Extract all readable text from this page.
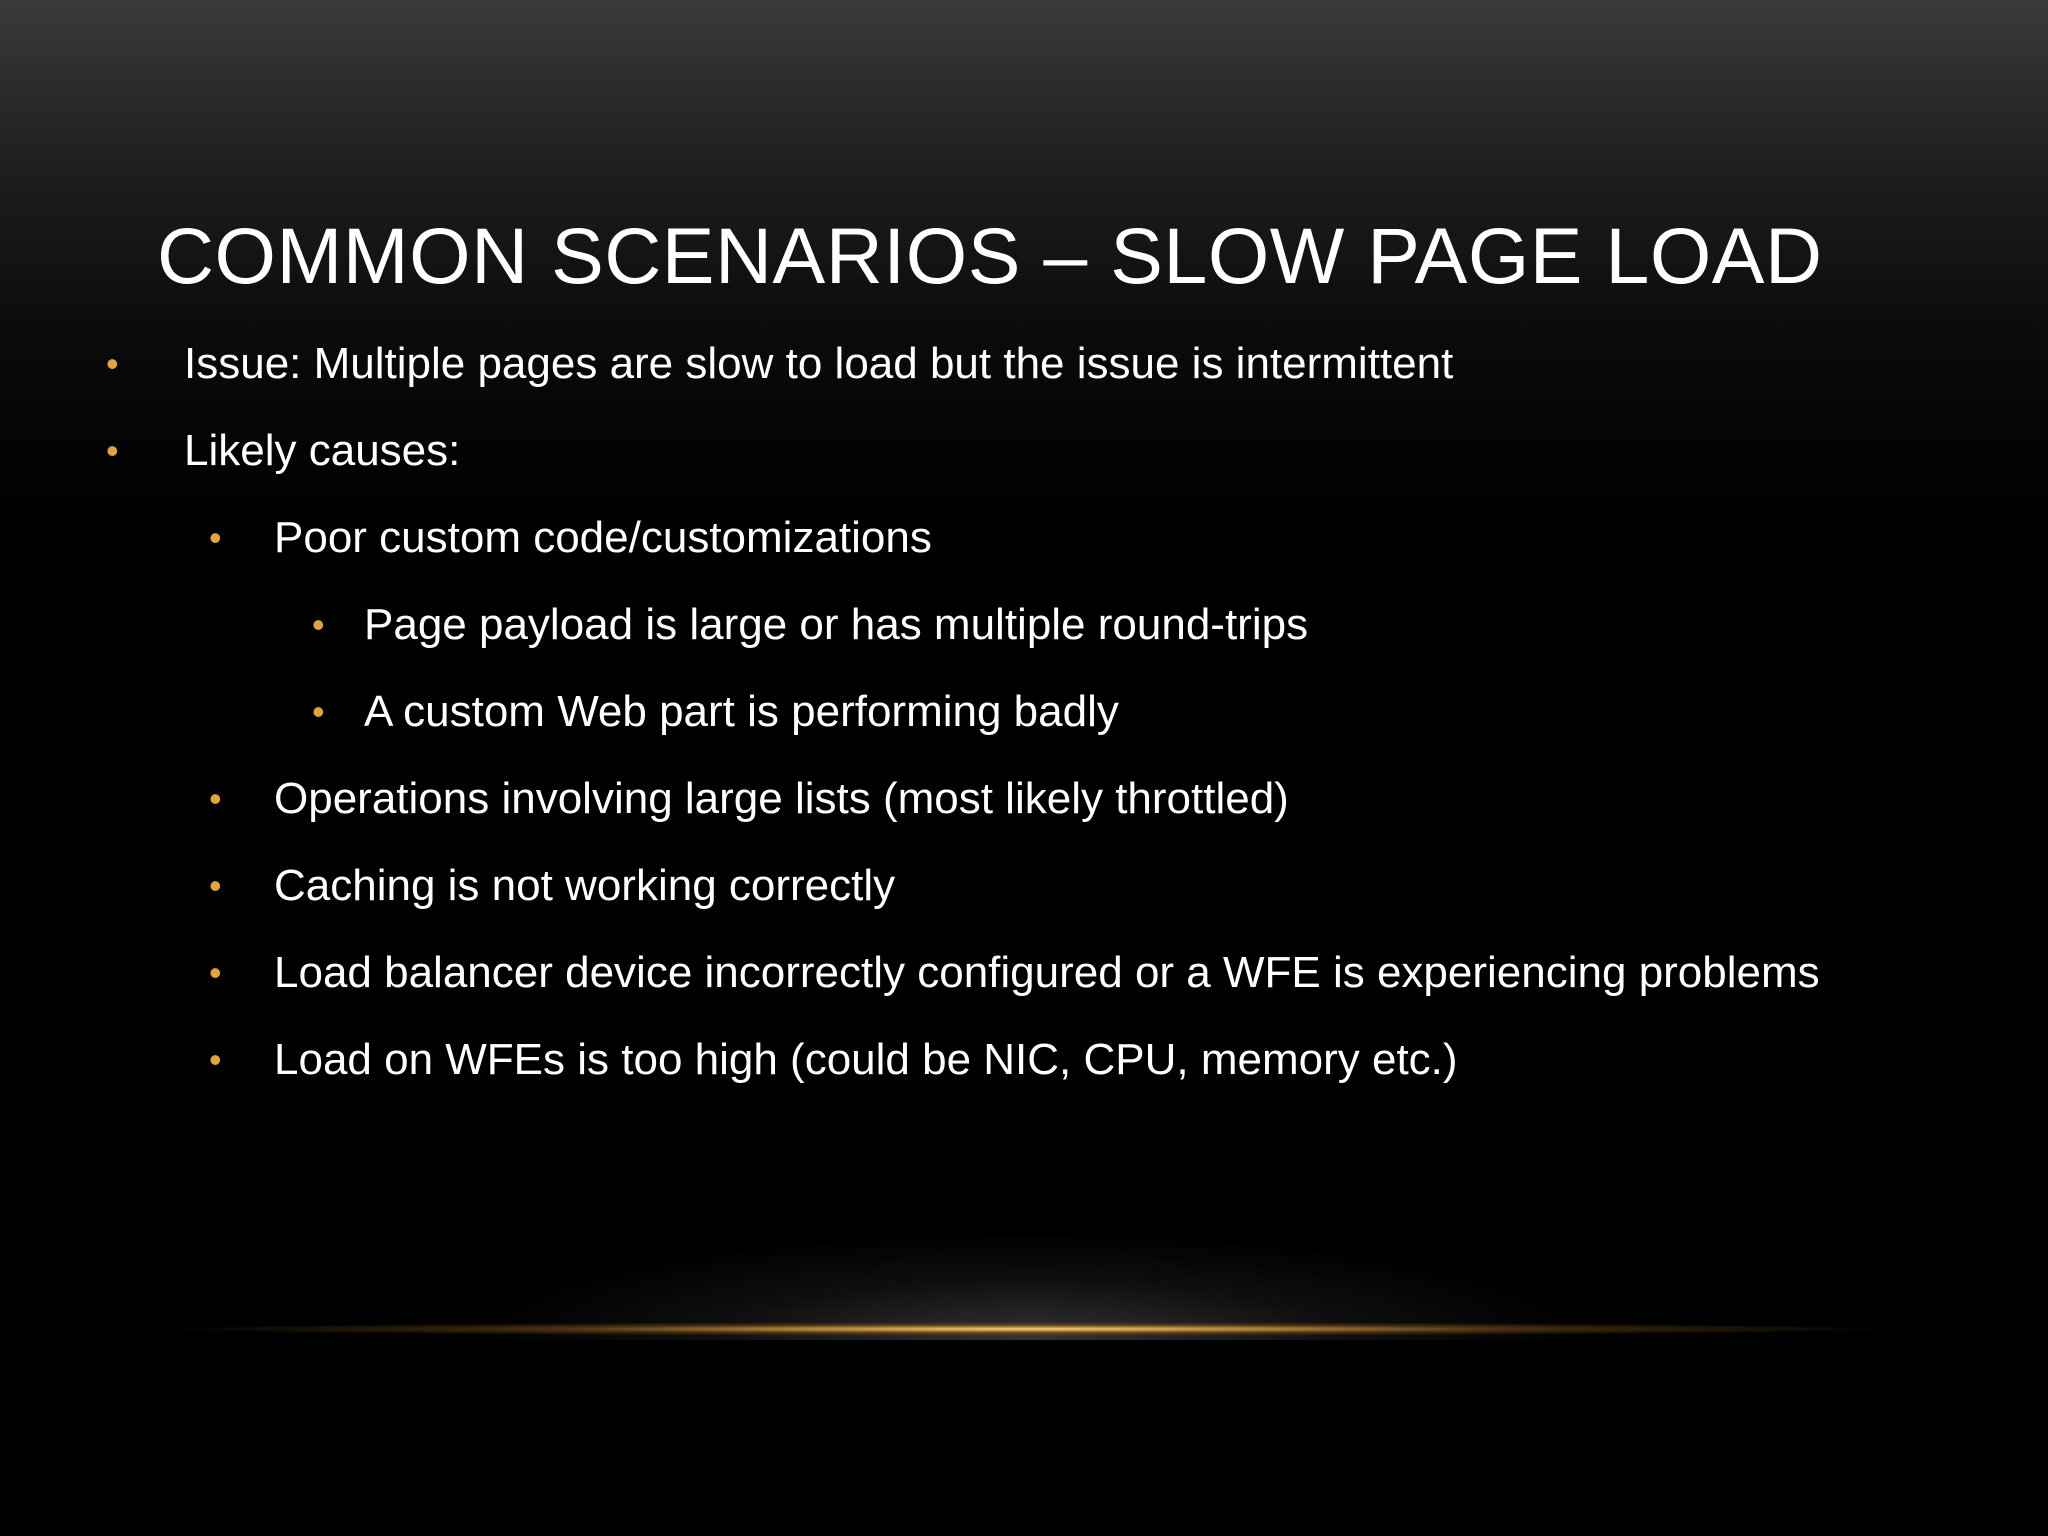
COMMON SCENARIOS – SLOW PAGE LOAD
• Issue: Multiple pages are slow to load but the issue is intermittent
• Likely causes:
• Poor custom code/customizations
• Page payload is large or has multiple round-trips
• A custom Web part is performing badly
• Operations involving large lists (most likely throttled)
• Caching is not working correctly
• Load balancer device incorrectly configured or a WFE is experiencing problems
• Load on WFEs is too high (could be NIC, CPU, memory etc.)
